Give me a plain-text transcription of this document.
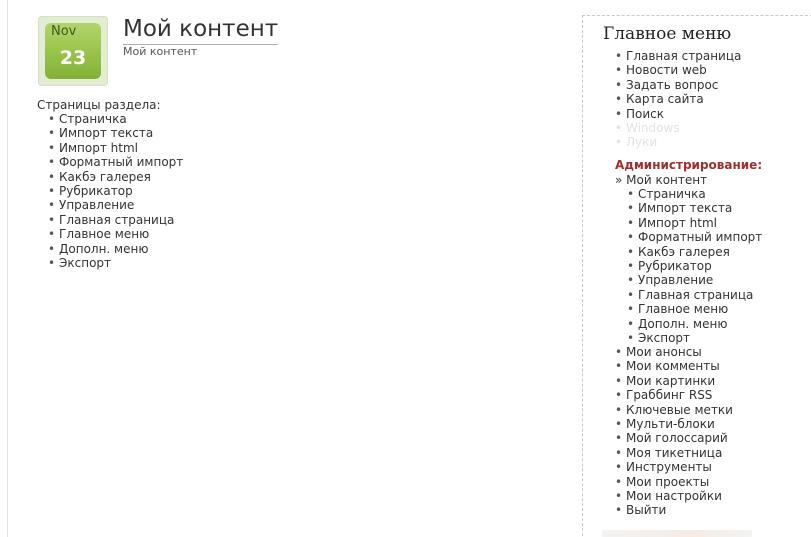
Nov
23
Мой контент
Мой контент
Страницы раздела:
• Страничка
• Импорт текста
• Импорт html
• Форматный импорт
• Какбэ галерея
• Рубрикатор
• Управление
• Главная страница
• Главное меню
• Дополн. меню
• Экспорт
Главное меню
• Главная страница
• Новости web
• Задать вопрос
• Карта сайта
• Поиск
• Windows
• Луки
Администрирование:
» Мой контент
• Страничка
• Импорт текста
• Импорт html
• Форматный импорт
• Какбэ галерея
• Рубрикатор
• Управление
• Главная страница
• Главное меню
• Дополн. меню
• Экспорт
• Мои анонсы
• Мои комменты
• Мои картинки
• Граббинг RSS
• Ключевые метки
• Мульти-блоки
• Мой голоссарий
• Моя тикетница
• Инструменты
• Мои проекты
• Мои настройки
• Выйти
